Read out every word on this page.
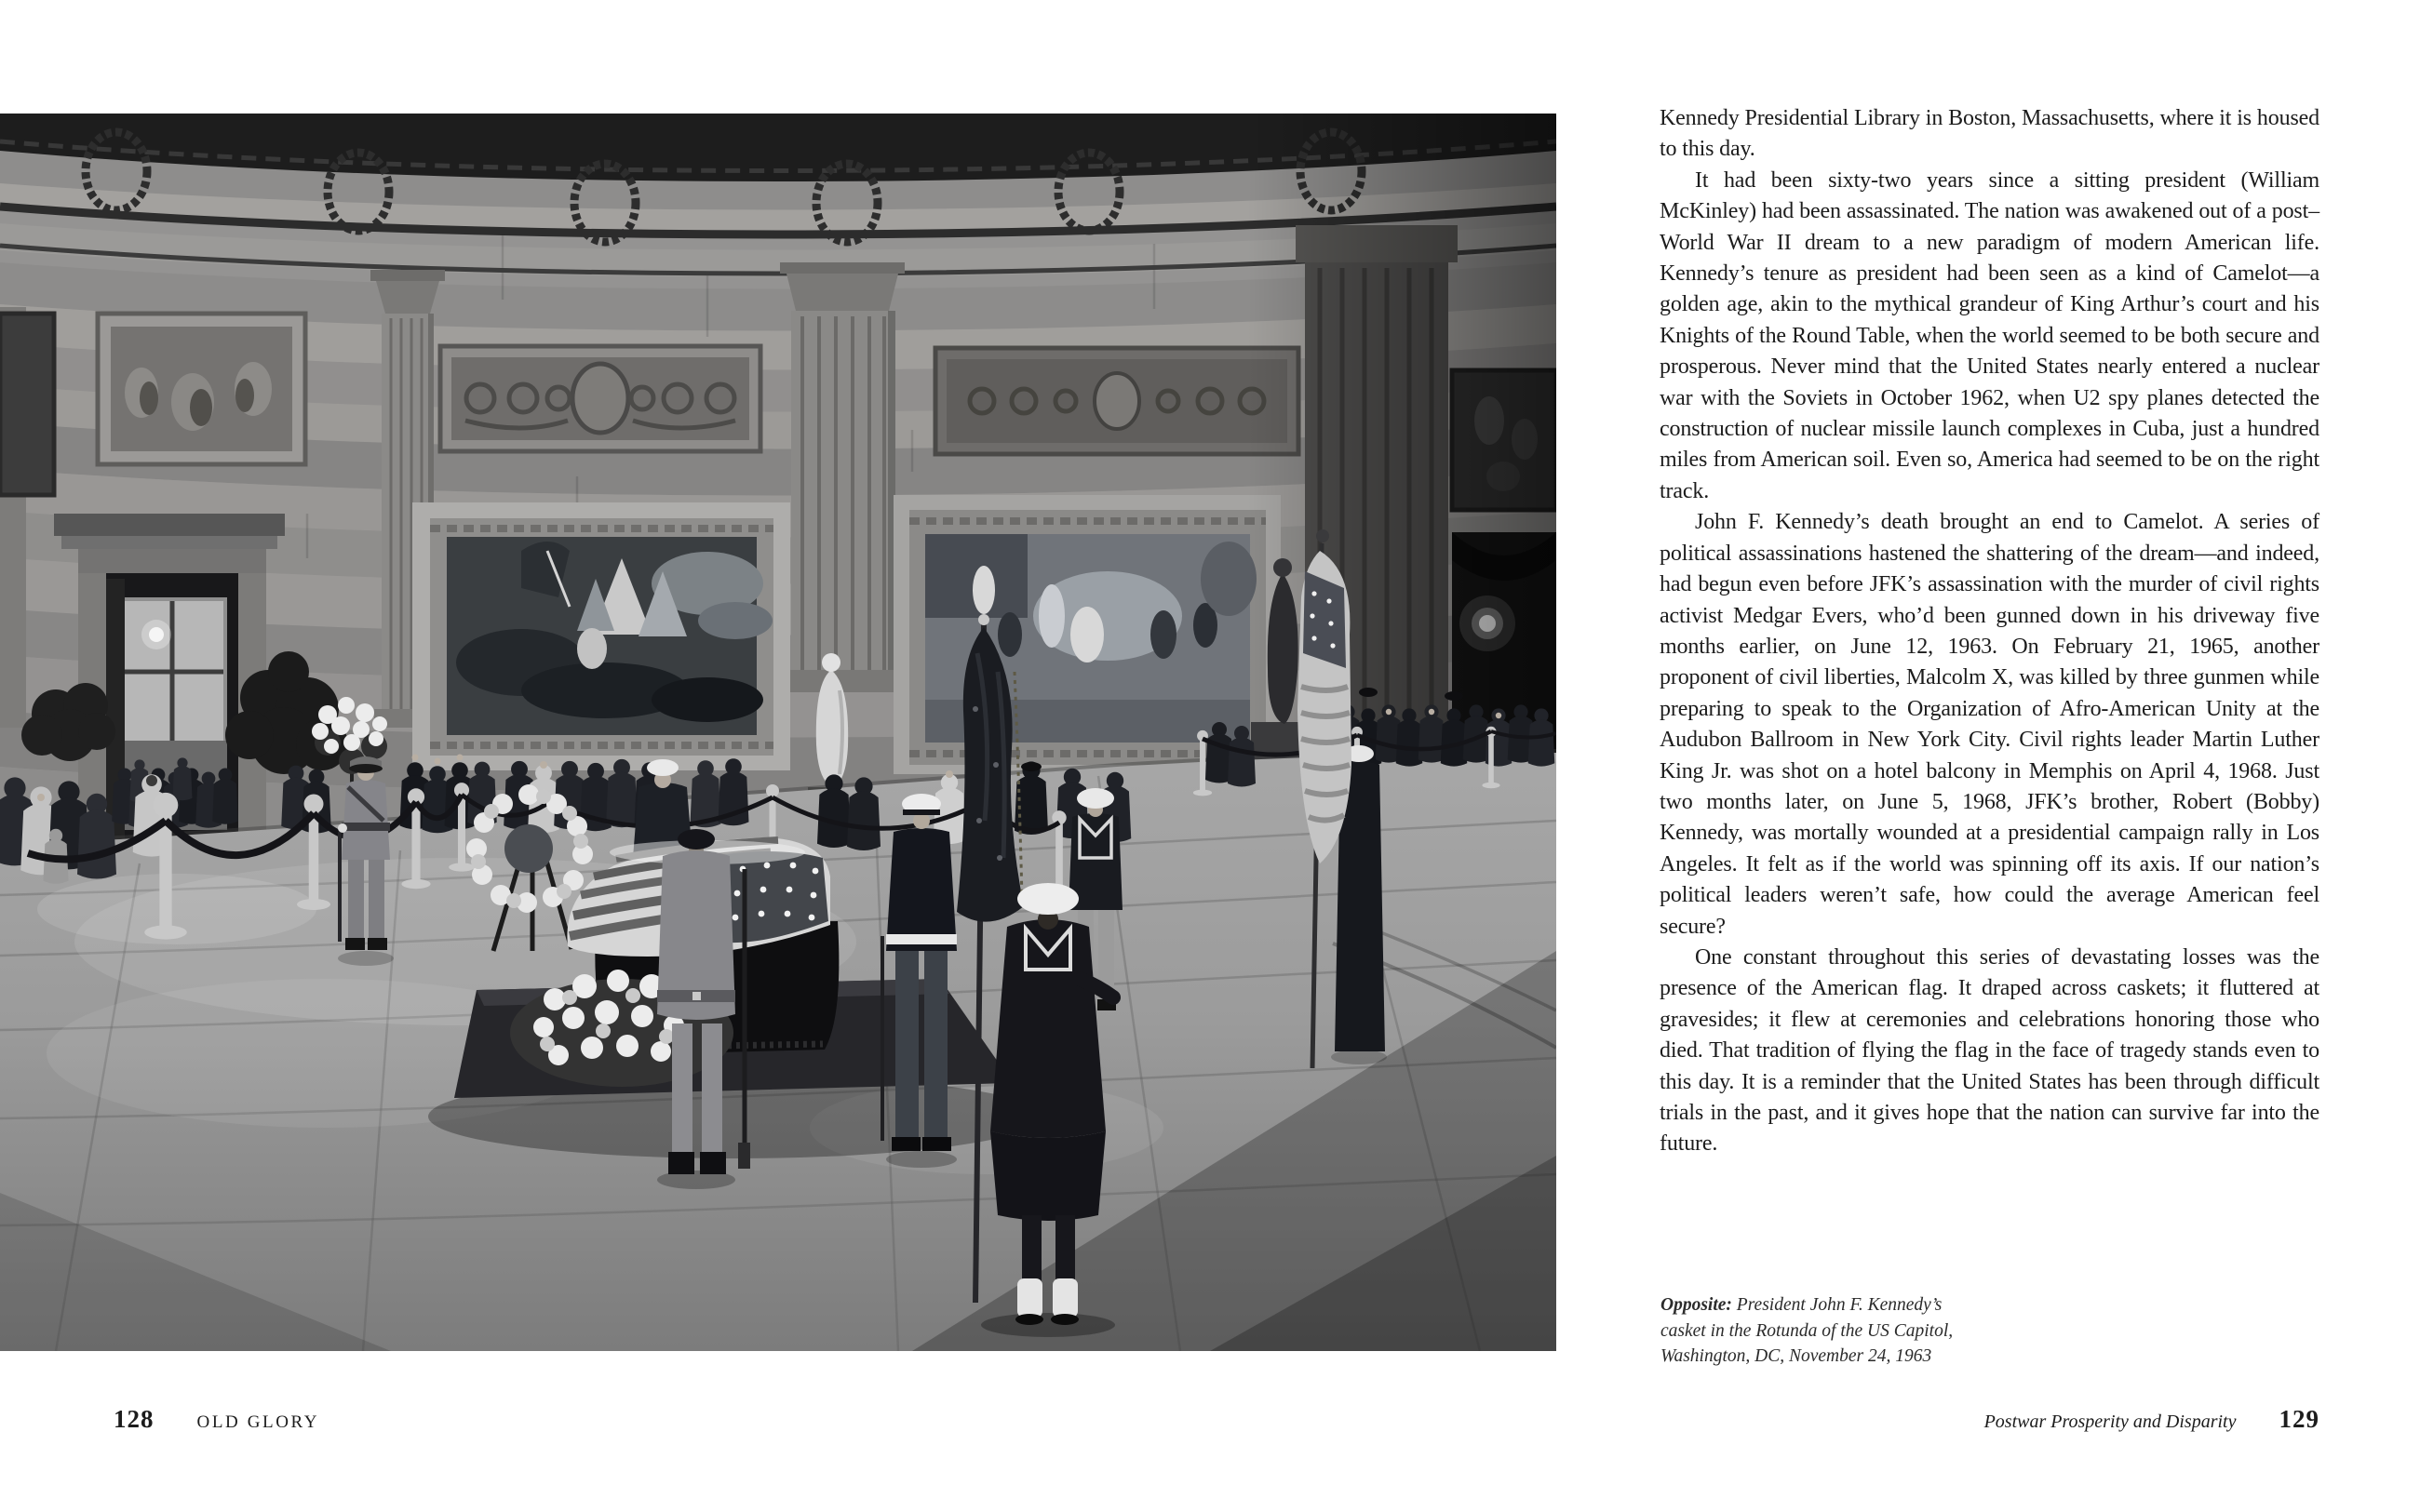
128 OLD GLORY

Kennedy Presidential Library in Boston, Massachusetts, where it is housed to this day.

It had been sixty-two years since a sitting president (William McKinley) had been assassinated. The nation was awakened out of a post–World War II dream to a new paradigm of modern American life. Kennedy’s tenure as president had been seen as a kind of Camelot—a golden age, akin to the mythical grandeur of King Arthur’s court and his Knights of the Round Table, when the world seemed to be both secure and prosperous. Never mind that the United States nearly entered a nuclear war with the Soviets in October 1962, when U2 spy planes detected the construction of nuclear missile launch complexes in Cuba, just a hundred miles from American soil. Even so, America had seemed to be on the right track.

John F. Kennedy’s death brought an end to Camelot. A series of political assassinations hastened the shattering of the dream—and indeed, had begun even before JFK’s assassination with the murder of civil rights activist Medgar Evers, who’d been gunned down in his driveway five months earlier, on June 12, 1963. On February 21, 1965, another proponent of civil liberties, Malcolm X, was killed by three gunmen while preparing to speak to the Organization of Afro-American Unity at the Audubon Ballroom in New York City. Civil rights leader Martin Luther King Jr. was shot on a hotel balcony in Memphis on April 4, 1968. Just two months later, on June 5, 1968, JFK’s brother, Robert (Bobby) Kennedy, was mortally wounded at a presidential campaign rally in Los Angeles. It felt as if the world was spinning off its axis. If our nation’s political leaders weren’t safe, how could the average American feel secure?

One constant throughout this series of devastating losses was the presence of the American flag. It draped across caskets; it fluttered at gravesides; it flew at ceremonies and celebrations honoring those who died. That tradition of flying the flag in the face of tragedy stands even to this day. It is a reminder that the United States has been through difficult trials in the past, and it gives hope that the nation can survive far into the future.

Opposite: President John F. Kennedy’s
casket in the Rotunda of the US Capitol,
Washington, DC, November 24, 1963
Postwar Prosperity and Disparity 129
